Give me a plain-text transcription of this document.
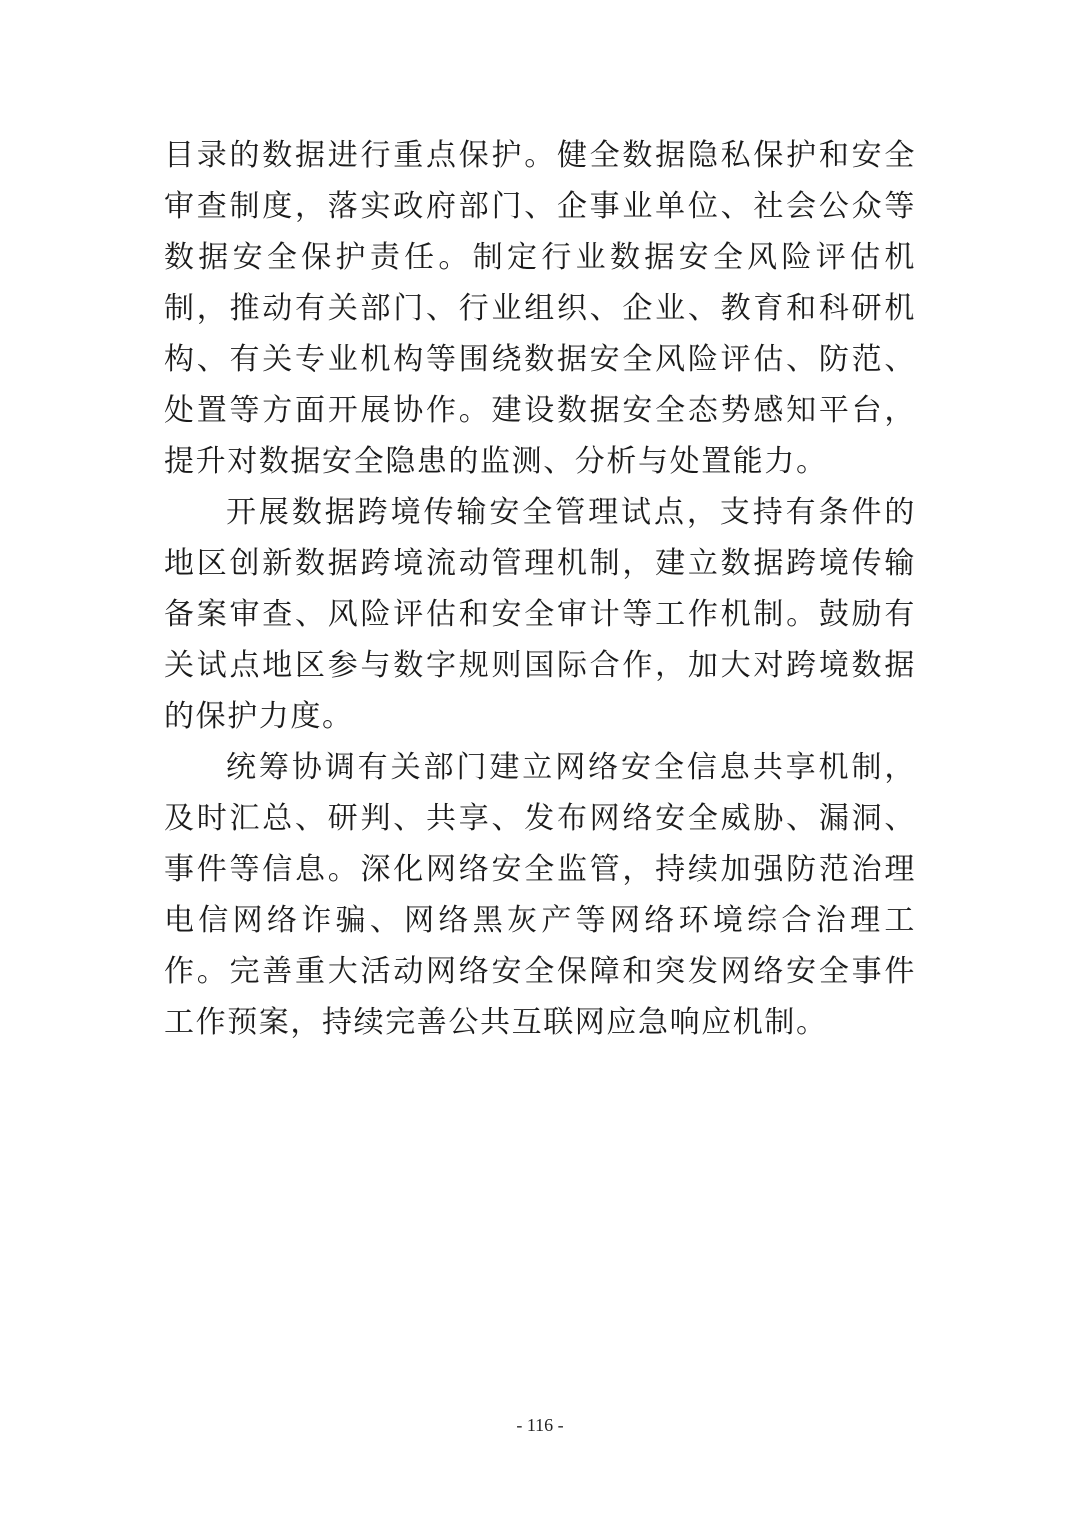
目录的数据进行重点保护。健全数据隐私保护和安全审查制度，落实政府部门、企事业单位、社会公众等数据安全保护责任。制定行业数据安全风险评估机制，推动有关部门、行业组织、企业、教育和科研机构、有关专业机构等围绕数据安全风险评估、防范、处置等方面开展协作。建设数据安全态势感知平台，提升对数据安全隐患的监测、分析与处置能力。

开展数据跨境传输安全管理试点，支持有条件的地区创新数据跨境流动管理机制，建立数据跨境传输备案审查、风险评估和安全审计等工作机制。鼓励有关试点地区参与数字规则国际合作，加大对跨境数据的保护力度。

统筹协调有关部门建立网络安全信息共享机制，及时汇总、研判、共享、发布网络安全威胁、漏洞、事件等信息。深化网络安全监管，持续加强防范治理电信网络诈骗、网络黑灰产等网络环境综合治理工作。完善重大活动网络安全保障和突发网络安全事件工作预案，持续完善公共互联网应急响应机制。

- 116 -
